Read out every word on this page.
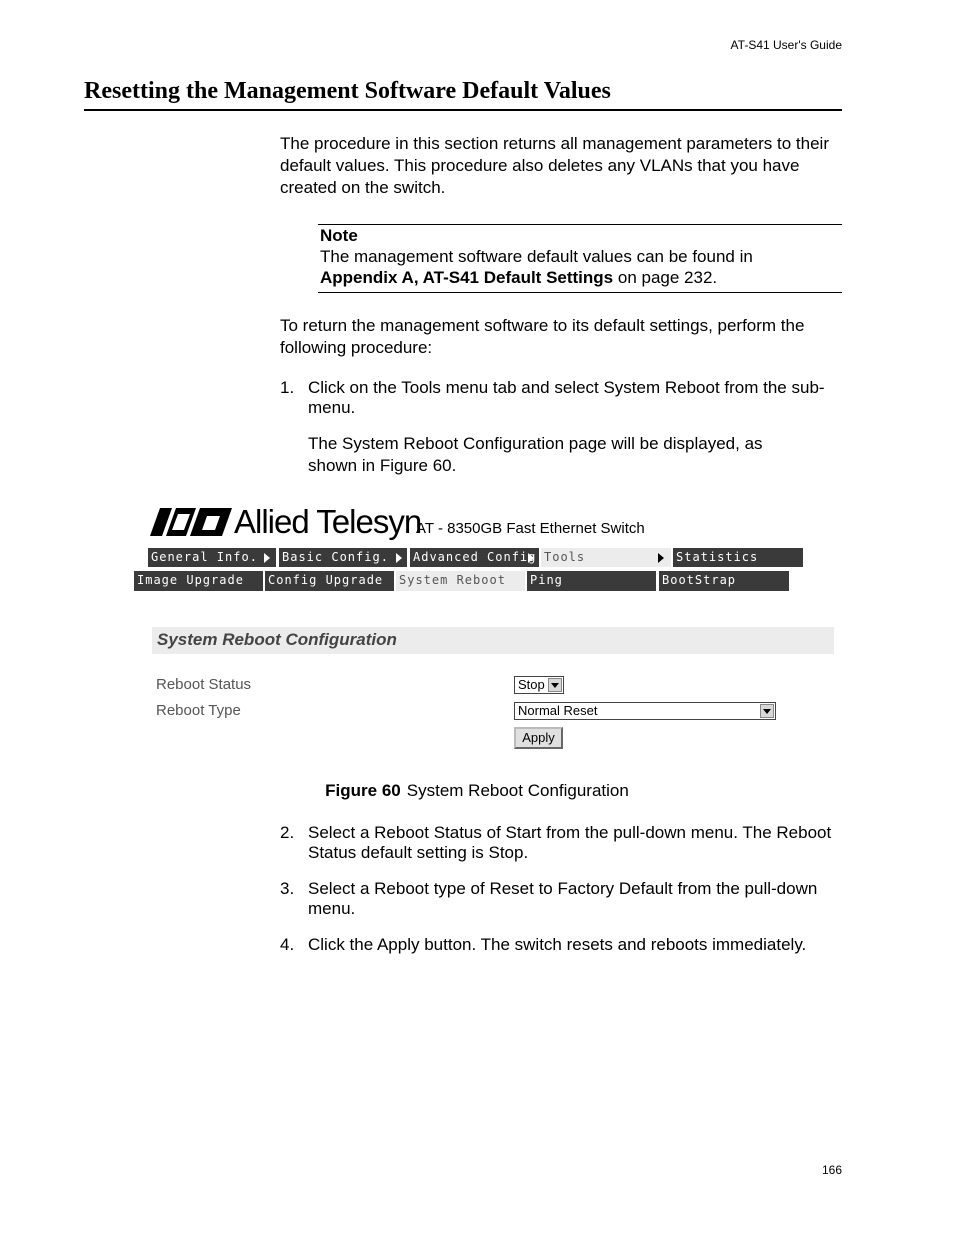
AT-S41 User's Guide
Resetting the Management Software Default Values
The procedure in this section returns all management parameters to their default values. This procedure also deletes any VLANs that you have created on the switch.
Note
The management software default values can be found in
Appendix A, AT-S41 Default Settings on page 232.
To return the management software to its default settings, perform the following procedure:
1. Click on the Tools menu tab and select System Reboot from the sub-menu.
The System Reboot Configuration page will be displayed, as shown in Figure 60.
Allied Telesyn
AT - 8350GB Fast Ethernet Switch
General Info.	Basic Config.	Advanced Config Tools	Statistics
Image Upgrade	Config Upgrade	System Reboot	Ping	BootStrap
System Reboot Configuration
Reboot Status	Stop
Reboot Type	Normal Reset
Apply
Figure 60 System Reboot Configuration
2. Select a Reboot Status of Start from the pull-down menu. The Reboot Status default setting is Stop.
3. Select a Reboot type of Reset to Factory Default from the pull-down menu.
4. Click the Apply button. The switch resets and reboots immediately.
166
